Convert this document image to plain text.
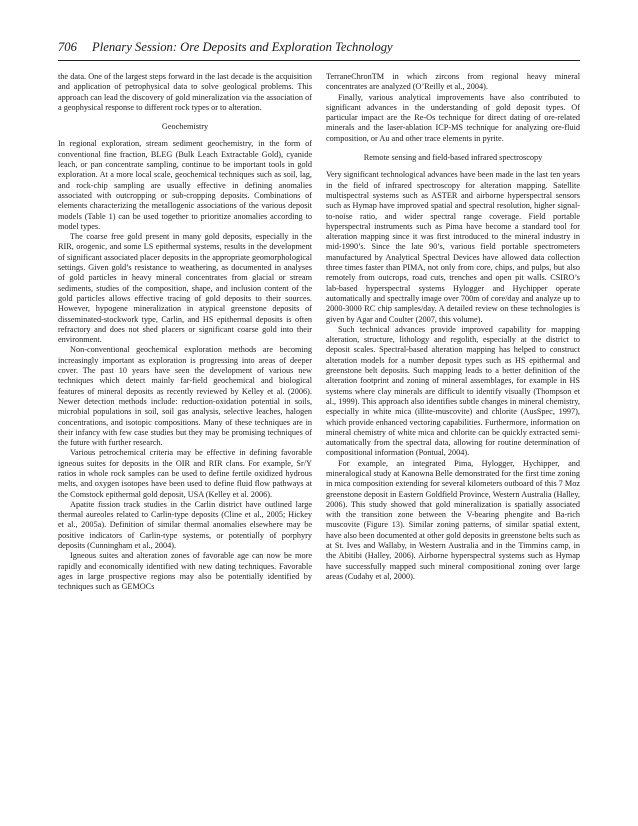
706 Plenary Session: Ore Deposits and Exploration Technology

the data. One of the largest steps forward in the last decade is the acquisition and application of petrophysical data to solve geological problems. This approach can lead the discovery of gold mineralization via the association of a geophysical response to different rock types or to alteration.

Geochemistry

In regional exploration, stream sediment geochemistry, in the form of conventional fine fraction, BLEG (Bulk Leach Extractable Gold), cyanide leach, or pan concentrate sampling, continue to be important tools in gold exploration. At a more local scale, geochemical techniques such as soil, lag, and rock-chip sampling are usually effective in defining anomalies associated with outcropping or sub-cropping deposits. Combinations of elements characterizing the metallogenic associations of the various deposit models (Table 1) can be used together to prioritize anomalies according to model types.

The coarse free gold present in many gold deposits, especially in the RIR, orogenic, and some LS epithermal systems, results in the development of significant associated placer deposits in the appropriate geomorphological settings. Given gold’s resistance to weathering, as documented in analyses of gold particles in heavy mineral concentrates from glacial or stream sediments, studies of the composition, shape, and inclusion content of the gold particles allows effective tracing of gold deposits to their sources. However, hypogene mineralization in atypical greenstone deposits of disseminated-stockwork type, Carlin, and HS epithermal deposits is often refractory and does not shed placers or significant coarse gold into their environment.

Non-conventional geochemical exploration methods are becoming increasingly important as exploration is progressing into areas of deeper cover. The past 10 years have seen the development of various new techniques which detect mainly far-field geochemical and biological features of mineral deposits as recently reviewed by Kelley et al. (2006). Newer detection methods include: reduction-oxidation potential in soils, microbial populations in soil, soil gas analysis, selective leaches, halogen concentrations, and isotopic compositions. Many of these techniques are in their infancy with few case studies but they may be promising techniques of the future with further research.

Various petrochemical criteria may be effective in defining favorable igneous suites for deposits in the OIR and RIR clans. For example, Sr/Y ratios in whole rock samples can be used to define fertile oxidized hydrous melts, and oxygen isotopes have been used to define fluid flow pathways at the Comstock epithermal gold deposit, USA (Kelley et al. 2006).

Apatite fission track studies in the Carlin district have outlined large thermal aureoles related to Carlin-type deposits (Cline et al., 2005; Hickey et al., 2005a). Definition of similar thermal anomalies elsewhere may be positive indicators of Carlin-type systems, or potentially of porphyry deposits (Cunningham et al., 2004).

Igneous suites and alteration zones of favorable age can now be more rapidly and economically identified with new dating techniques. Favorable ages in large prospective regions may also be potentially identified by techniques such as GEMOCs

TerraneChronTM in which zircons from regional heavy mineral concentrates are analyzed (O’Reilly et al., 2004).

Finally, various analytical improvements have also contributed to significant advances in the understanding of gold deposit types. Of particular impact are the Re-Os technique for direct dating of ore-related minerals and the laser-ablation ICP-MS technique for analyzing ore-fluid composition, or Au and other trace elements in pyrite.

Remote sensing and field-based infrared spectroscopy

Very significant technological advances have been made in the last ten years in the field of infrared spectroscopy for alteration mapping. Satellite multispectral systems such as ASTER and airborne hyperspectral sensors such as Hymap have improved spatial and spectral resolution, higher signal-to-noise ratio, and wider spectral range coverage. Field portable hyperspectral instruments such as Pima have become a standard tool for alteration mapping since it was first introduced to the mineral industry in mid-1990’s. Since the late 90’s, various field portable spectrometers manufactured by Analytical Spectral Devices have allowed data collection three times faster than PIMA, not only from core, chips, and pulps, but also remotely from outcrops, road cuts, trenches and open pit walls. CSIRO’s lab-based hyperspectral systems Hylogger and Hychipper operate automatically and spectrally image over 700m of core/day and analyze up to 2000-3000 RC chip samples/day. A detailed review on these technologies is given by Agar and Coulter (2007, this volume).

Such technical advances provide improved capability for mapping alteration, structure, lithology and regolith, especially at the district to deposit scales. Spectral-based alteration mapping has helped to construct alteration models for a number deposit types such as HS epithermal and greenstone belt deposits. Such mapping leads to a better definition of the alteration footprint and zoning of mineral assemblages, for example in HS systems where clay minerals are difficult to identify visually (Thompson et al., 1999). This approach also identifies subtle changes in mineral chemistry, especially in white mica (illite-muscovite) and chlorite (AusSpec, 1997), which provide enhanced vectoring capabilities. Furthermore, information on mineral chemistry of white mica and chlorite can be quickly extracted semi-automatically from the spectral data, allowing for routine determination of compositional information (Pontual, 2004).

For example, an integrated Pima, Hylogger, Hychipper, and mineralogical study at Kanowna Belle demonstrated for the first time zoning in mica composition extending for several kilometers outboard of this 7 Moz greenstone deposit in Eastern Goldfield Province, Western Australia (Halley, 2006). This study showed that gold mineralization is spatially associated with the transition zone between the V-bearing phengite and Ba-rich muscovite (Figure 13). Similar zoning patterns, of similar spatial extent, have also been documented at other gold deposits in greenstone belts such as at St. Ives and Wallaby, in Western Australia and in the Timmins camp, in the Abitibi (Halley, 2006). Airborne hyperspectral systems such as Hymap have successfully mapped such mineral compositional zoning over large areas (Cudahy et al, 2000).
